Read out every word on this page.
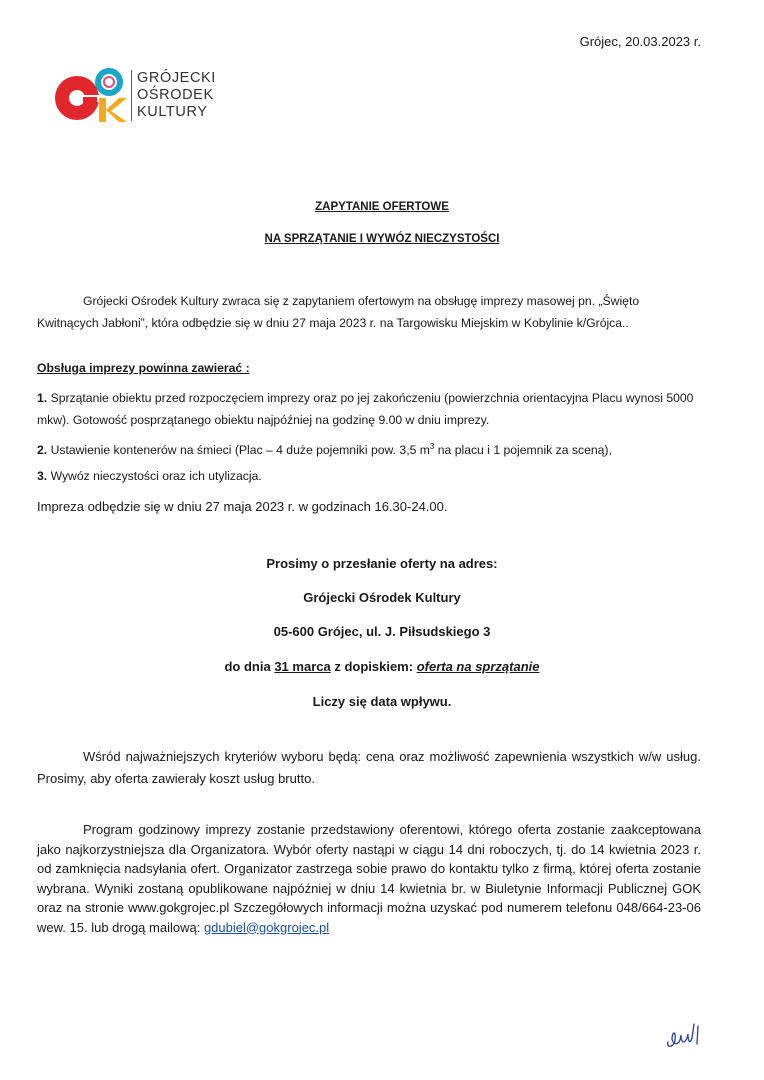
Grójec, 20.03.2023 r.
GRÓJECKI
OŚRODEK
KULTURY
ZAPYTANIE OFERTOWE
NA SPRZĄTANIE I WYWÓZ NIECZYSTOŚCI
Grójecki Ośrodek Kultury zwraca się z zapytaniem ofertowym na obsługę imprezy masowej pn. „Święto Kwitnących Jabłoni”, która odbędzie się w dniu 27 maja 2023 r. na Targowisku Miejskim w Kobylinie k/Grójca..
Obsługa imprezy powinna zawierać :
1. Sprzątanie obiektu przed rozpoczęciem imprezy oraz po jej zakończeniu (powierzchnia orientacyjna Placu wynosi 5000 mkw). Gotowość posprzątanego obiektu najpóźniej na godzinę 9.00 w dniu imprezy.
2. Ustawienie kontenerów na śmieci (Plac – 4 duże pojemniki pow. 3,5 $m^3$ na placu i 1 pojemnik za sceną),
3. Wywóz nieczystości oraz ich utylizacja.
Impreza odbędzie się w dniu 27 maja 2023 r. w godzinach 16.30-24.00.
Prosimy o przesłanie oferty na adres:
Grójecki Ośrodek Kultury
05-600 Grójec, ul. J. Piłsudskiego 3
do dnia 31 marca z dopiskiem: oferta na sprzątanie
Liczy się data wpływu.
Wśród najważniejszych kryteriów wyboru będą: cena oraz możliwość zapewnienia wszystkich w/w usług. Prosimy, aby oferta zawierały koszt usług brutto.
Program godzinowy imprezy zostanie przedstawiony oferentowi, którego oferta zostanie zaakceptowana jako najkorzystniejsza dla Organizatora. Wybór oferty nastąpi w ciągu 14 dni roboczych, tj. do 14 kwietnia 2023 r. od zamknięcia nadsyłania ofert. Organizator zastrzega sobie prawo do kontaktu tylko z firmą, której oferta zostanie wybrana. Wyniki zostaną opublikowane najpóźniej w dniu 14 kwietnia br. w Biuletynie Informacji Publicznej GOK oraz na stronie www.gokgrojec.pl Szczegółowych informacji można uzyskać pod numerem telefonu 048/664-23-06 wew. 15. lub drogą mailową: gdubiel@gokgrojec.pl
